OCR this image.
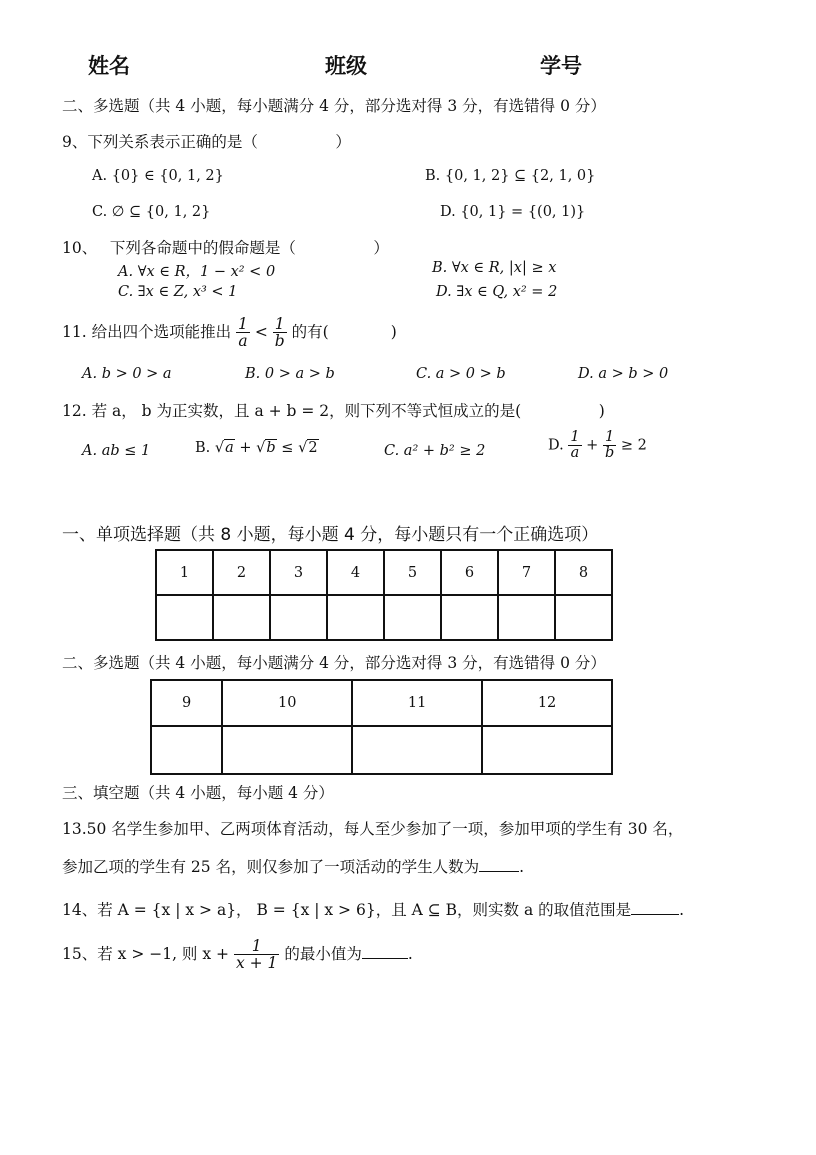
姓名	班级	学号
二、多选题（共 4 小题，每小题满分 4 分，部分选对得 3 分，有选错得 0 分）
9、下列关系表示正确的是（　　　　　）
A. {0} ∈ {0, 1, 2}	B. {0, 1, 2} ⊆ {2, 1, 0}
C. ∅ ⊆ {0, 1, 2}	D. {0, 1} = {(0, 1)}
10、　 下列各命题中的假命题是（　　　　　）
A. ∀x ∈ R，1 − x² < 0	B. ∀x ∈ R, |x| ≥ x
C. ∃x ∈ Z, x³ < 1	D. ∃x ∈ Q, x² = 2
11. 给出四个选项能推出 $\frac{1}{a} < \frac{1}{b}$ 的有(　　　　)
A. b > 0 > a	B. 0 > a > b	C. a > 0 > b	D. a > b > 0
12. 若 a， b 为正实数，且 a + b = 2，则下列不等式恒成立的是(　　　　　)
A. ab ≤ 1	B. √a + √b ≤ √2	C. a² + b² ≥ 2	D. $\frac{1}{a} + \frac{1}{b} \ge 2$
一、单项选择题（共 8 小题，每小题 4 分，每小题只有一个正确选项）
1	2	3	4	5	6	7	8

二、多选题（共 4 小题，每小题满分 4 分，部分选对得 3 分，有选错得 0 分）
9	10	11	12

三、填空题（共 4 小题，每小题 4 分）
13.50 名学生参加甲、乙两项体育活动，每人至少参加了一项，参加甲项的学生有 30 名，
参加乙项的学生有 25 名，则仅参加了一项活动的学生人数为	.
14、若 A = {x | x > a}， B = {x | x > 6}，且 A ⊆ B，则实数 a 的取值范围是	.
15、若 x > −1, 则 $x + \frac{1}{x + 1}$ 的最小值为	.
